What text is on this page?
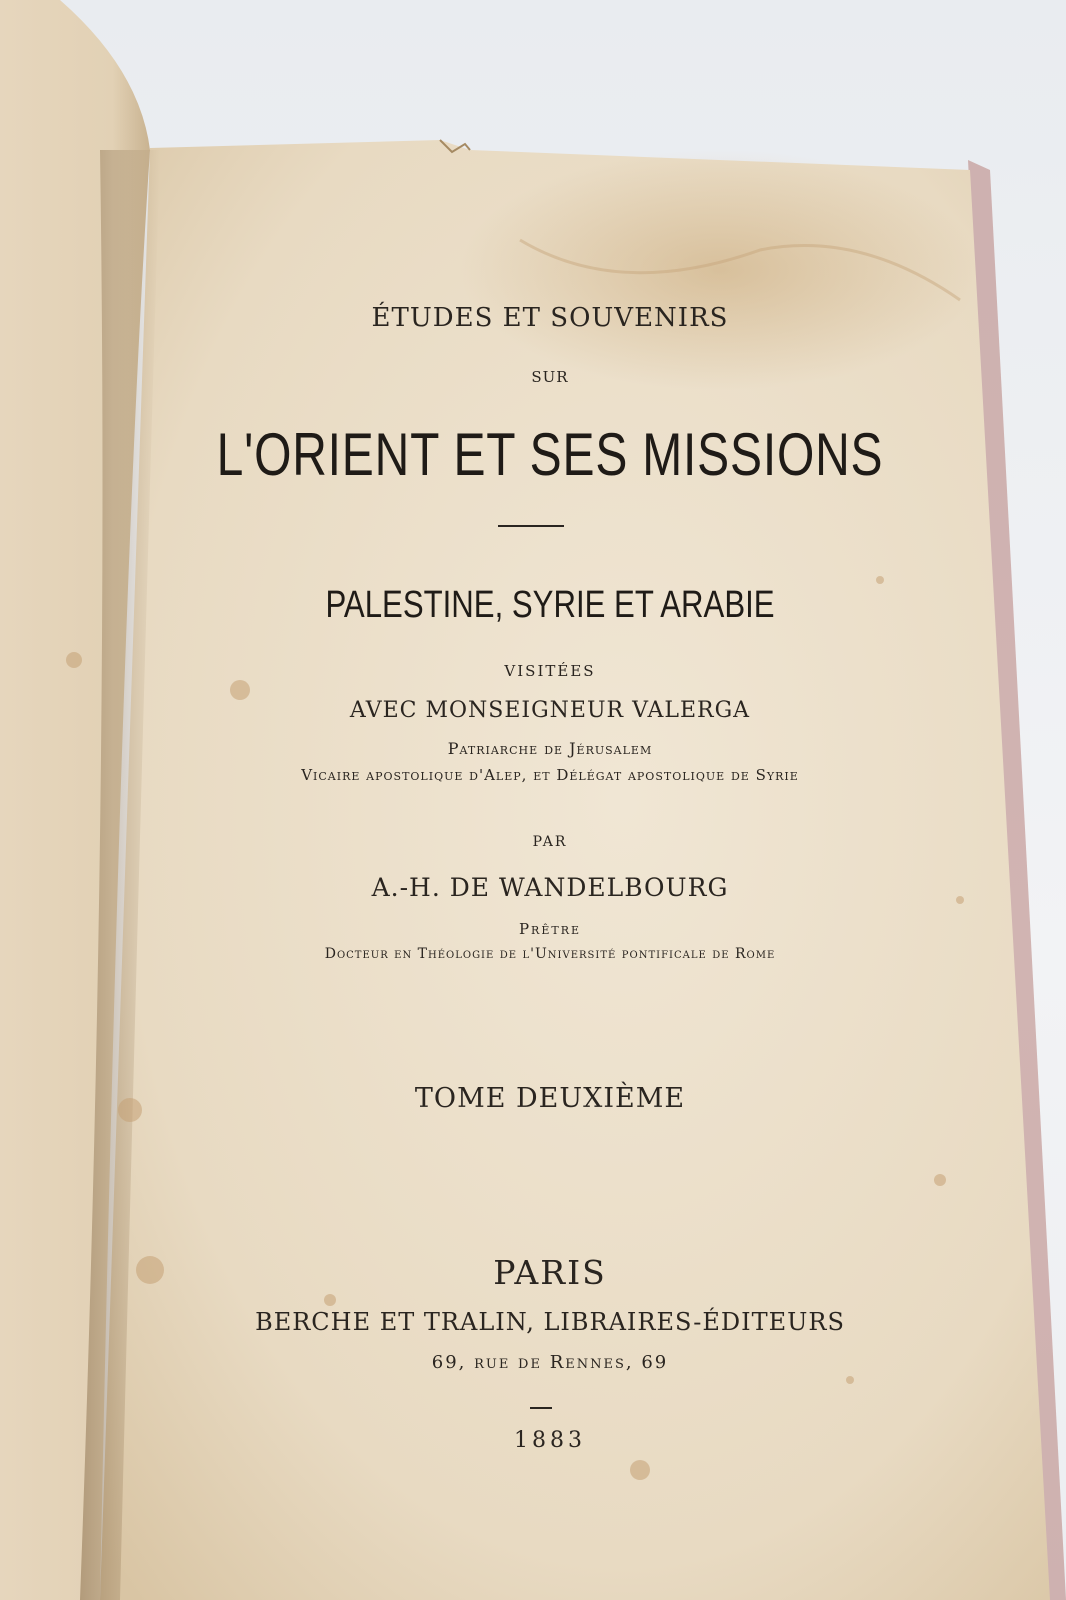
ÉTUDES ET SOUVENIRS
SUR
L'ORIENT ET SES MISSIONS
PALESTINE, SYRIE ET ARABIE
VISITÉES
AVEC MONSEIGNEUR VALERGA
Patriarche de Jérusalem
Vicaire apostolique d'Alep, et Délégat apostolique de Syrie
PAR
A.-H. DE WANDELBOURG
Prêtre
Docteur en Théologie de l'Université pontificale de Rome
TOME DEUXIÈME
PARIS
BERCHE ET TRALIN, LIBRAIRES-ÉDITEURS
69, rue de Rennes, 69
1883
